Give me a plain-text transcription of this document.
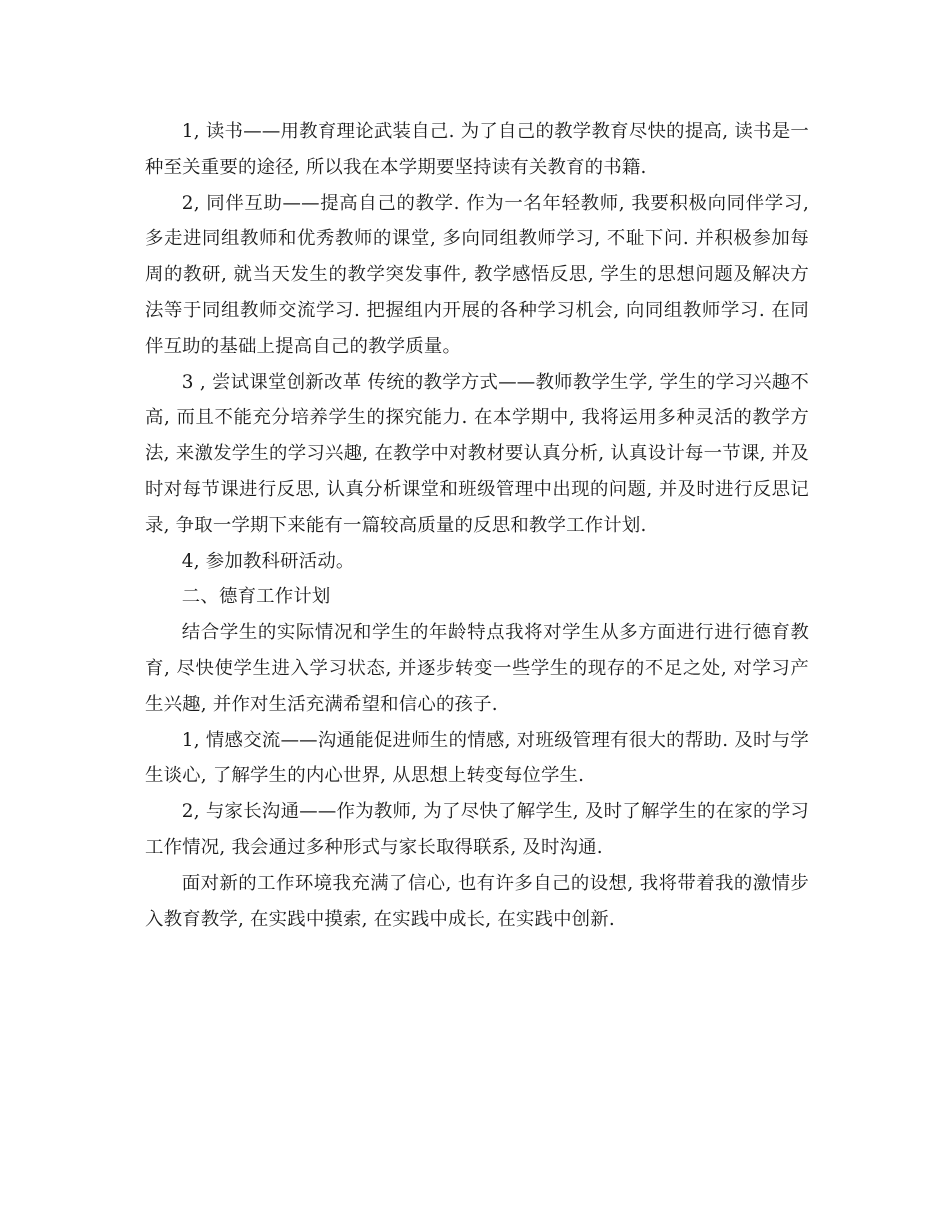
1, 读书——用教育理论武装自己. 为了自己的教学教育尽快的提高, 读书是一种至关重要的途径, 所以我在本学期要坚持读有关教育的书籍.

2, 同伴互助——提高自己的教学. 作为一名年轻教师, 我要积极向同伴学习, 多走进同组教师和优秀教师的课堂, 多向同组教师学习, 不耻下问. 并积极参加每周的教研, 就当天发生的教学突发事件, 教学感悟反思, 学生的思想问题及解决方法等于同组教师交流学习. 把握组内开展的各种学习机会, 向同组教师学习. 在同伴互助的基础上提高自己的教学质量。

3 , 尝试课堂创新改革 传统的教学方式——教师教学生学, 学生的学习兴趣不高, 而且不能充分培养学生的探究能力. 在本学期中, 我将运用多种灵活的教学方法, 来激发学生的学习兴趣, 在教学中对教材要认真分析, 认真设计每一节课, 并及时对每节课进行反思, 认真分析课堂和班级管理中出现的问题, 并及时进行反思记录, 争取一学期下来能有一篇较高质量的反思和教学工作计划.

4, 参加教科研活动。

二、德育工作计划

结合学生的实际情况和学生的年龄特点我将对学生从多方面进行进行德育教育, 尽快使学生进入学习状态, 并逐步转变一些学生的现存的不足之处, 对学习产生兴趣, 并作对生活充满希望和信心的孩子.

1, 情感交流——沟通能促进师生的情感, 对班级管理有很大的帮助. 及时与学生谈心, 了解学生的内心世界, 从思想上转变每位学生.

2, 与家长沟通——作为教师, 为了尽快了解学生, 及时了解学生的在家的学习工作情况, 我会通过多种形式与家长取得联系, 及时沟通.

面对新的工作环境我充满了信心, 也有许多自己的设想, 我将带着我的激情步入教育教学, 在实践中摸索, 在实践中成长, 在实践中创新.
